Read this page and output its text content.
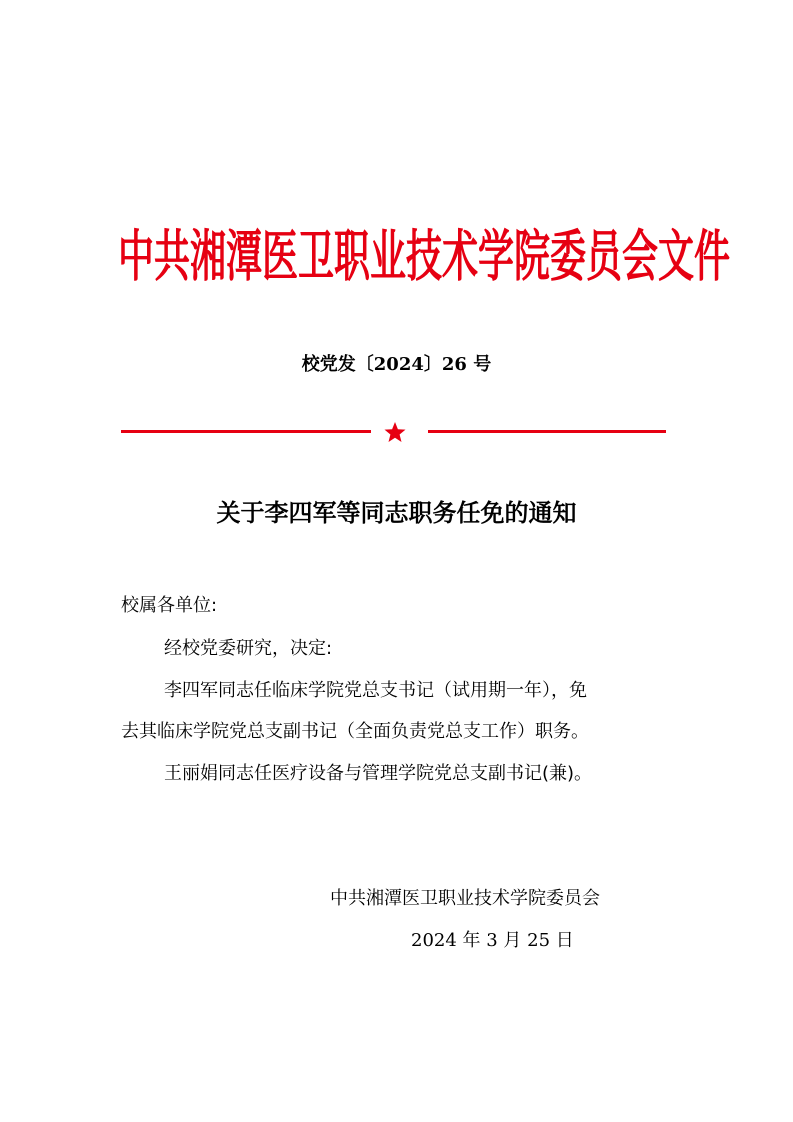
中共湘潭医卫职业技术学院委员会文件
校党发〔2024〕26 号
关于李四军等同志职务任免的通知
校属各单位:
经校党委研究，决定:
李四军同志任临床学院党总支书记（试用期一年），免
去其临床学院党总支副书记（全面负责党总支工作）职务。
王丽娟同志任医疗设备与管理学院党总支副书记(兼)。
中共湘潭医卫职业技术学院委员会
2024 年 3 月 25 日
